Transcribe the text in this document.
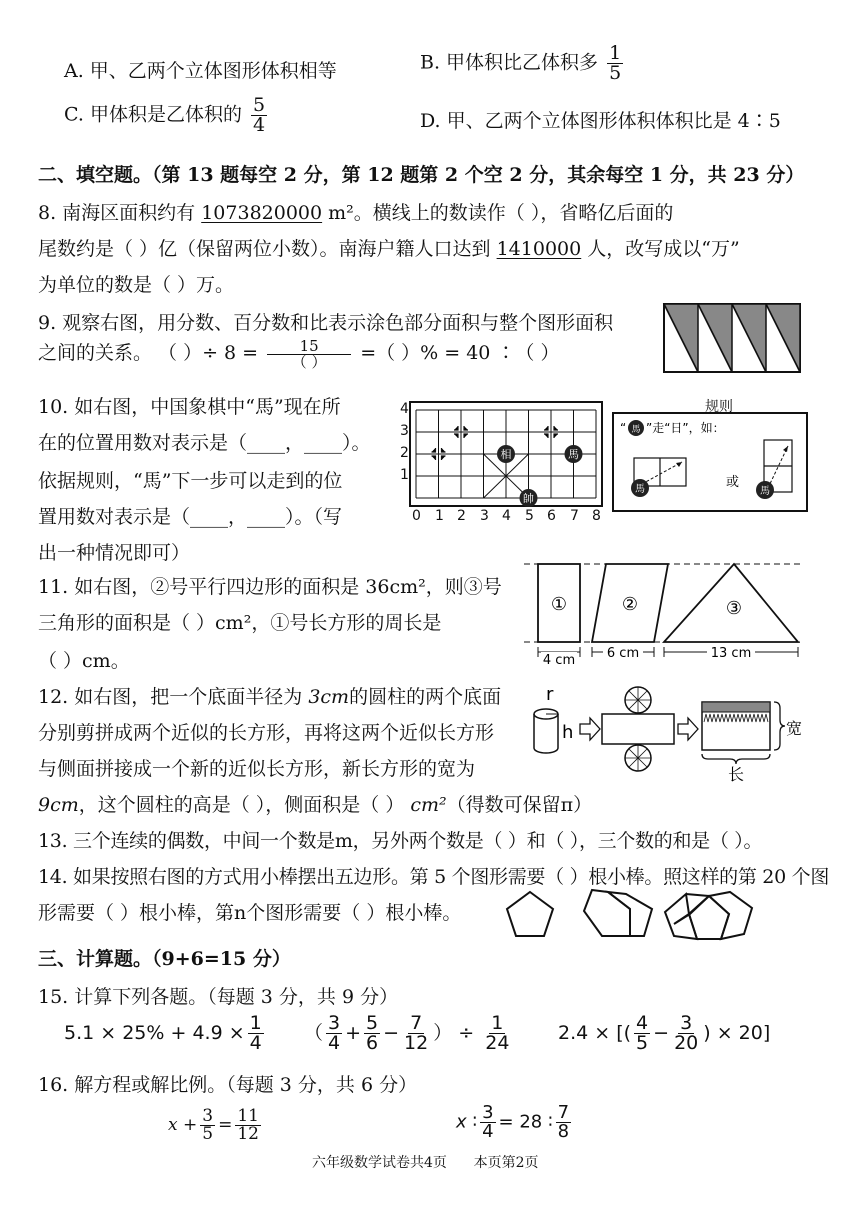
A. 甲、乙两个立体图形体积相等	B. 甲体积比乙体积多 $\frac{1}{5}$
C. 甲体积是乙体积的 $\frac{5}{4}$	D. 甲、乙两个立体图形体积体积比是 4∶5
二、填空题。（第 13 题每空 2 分，第 12 题第 2 个空 2 分，其余每空 1 分，共 23 分）
8. 南海区面积约有 1073820000 m²。横线上的数读作（ ），省略亿后面的
尾数约是（ ）亿（保留两位小数）。南海户籍人口达到 1410000 人，改写成以“万”
为单位的数是（ ）万。
9. 观察右图，用分数、百分数和比表示涂色部分面积与整个图形面积
之间的关系。 （ ）÷ $8 = \frac{15}{( )}$ =（ ）% = 40 ∶（ ）
10. 如右图，中国象棋中“馬”现在所
在的位置用数对表示是（____，____）。
依据规则，“馬”下一步可以走到的位
置用数对表示是（____，____）。（写
出一种情况即可）
4
3
2
1
0 1 2 3 4 5 6 7 8
相	馬
帥
规则
“ 馬 ”走“日”，如：
馬	或
馬
11. 如右图，②号平行四边形的面积是 36cm²，则③号
三角形的面积是（ ）cm²，①号长方形的周长是
（ ）cm。
①	②	③
4 cm 6 cm	13 cm
12. 如右图，把一个底面半径为 3cm的圆柱的两个底面
分别剪拼成两个近似的长方形，再将这两个近似长方形
与侧面拼接成一个新的近似长方形，新长方形的宽为
9cm，这个圆柱的高是（ ），侧面积是（ ） cm²（得数可保留π）
r
h	宽
长
13. 三个连续的偶数，中间一个数是m，另外两个数是（ ）和（ ），三个数的和是（ ）。
14. 如果按照右图的方式用小棒摆出五边形。第 5 个图形需要（ ）根小棒。照这样的第 20 个图
形需要（ ）根小棒，第n个图形需要（ ）根小棒。
三、计算题。（9+6=15 分）
15. 计算下列各题。（每题 3 分，共 9 分）
$5.1 \times 25\% + 4.9 \times \frac{1}{4}$ （ $\frac{3}{4} + \frac{5}{6} - \frac{7}{12}$ ） ÷ $\frac{1}{24} 2.4$ × [( $\frac{4}{5} - \frac{3}{20}$ ) × 20]
16. 解方程或解比例。（每题 3 分，共 6 分）
$x + \frac{3}{5} = \frac{11}{12}$	x ∶ $\frac{3}{4} = 28$ ∶ $\frac{7}{8}$
六年级数学试卷共4页 本页第2页
